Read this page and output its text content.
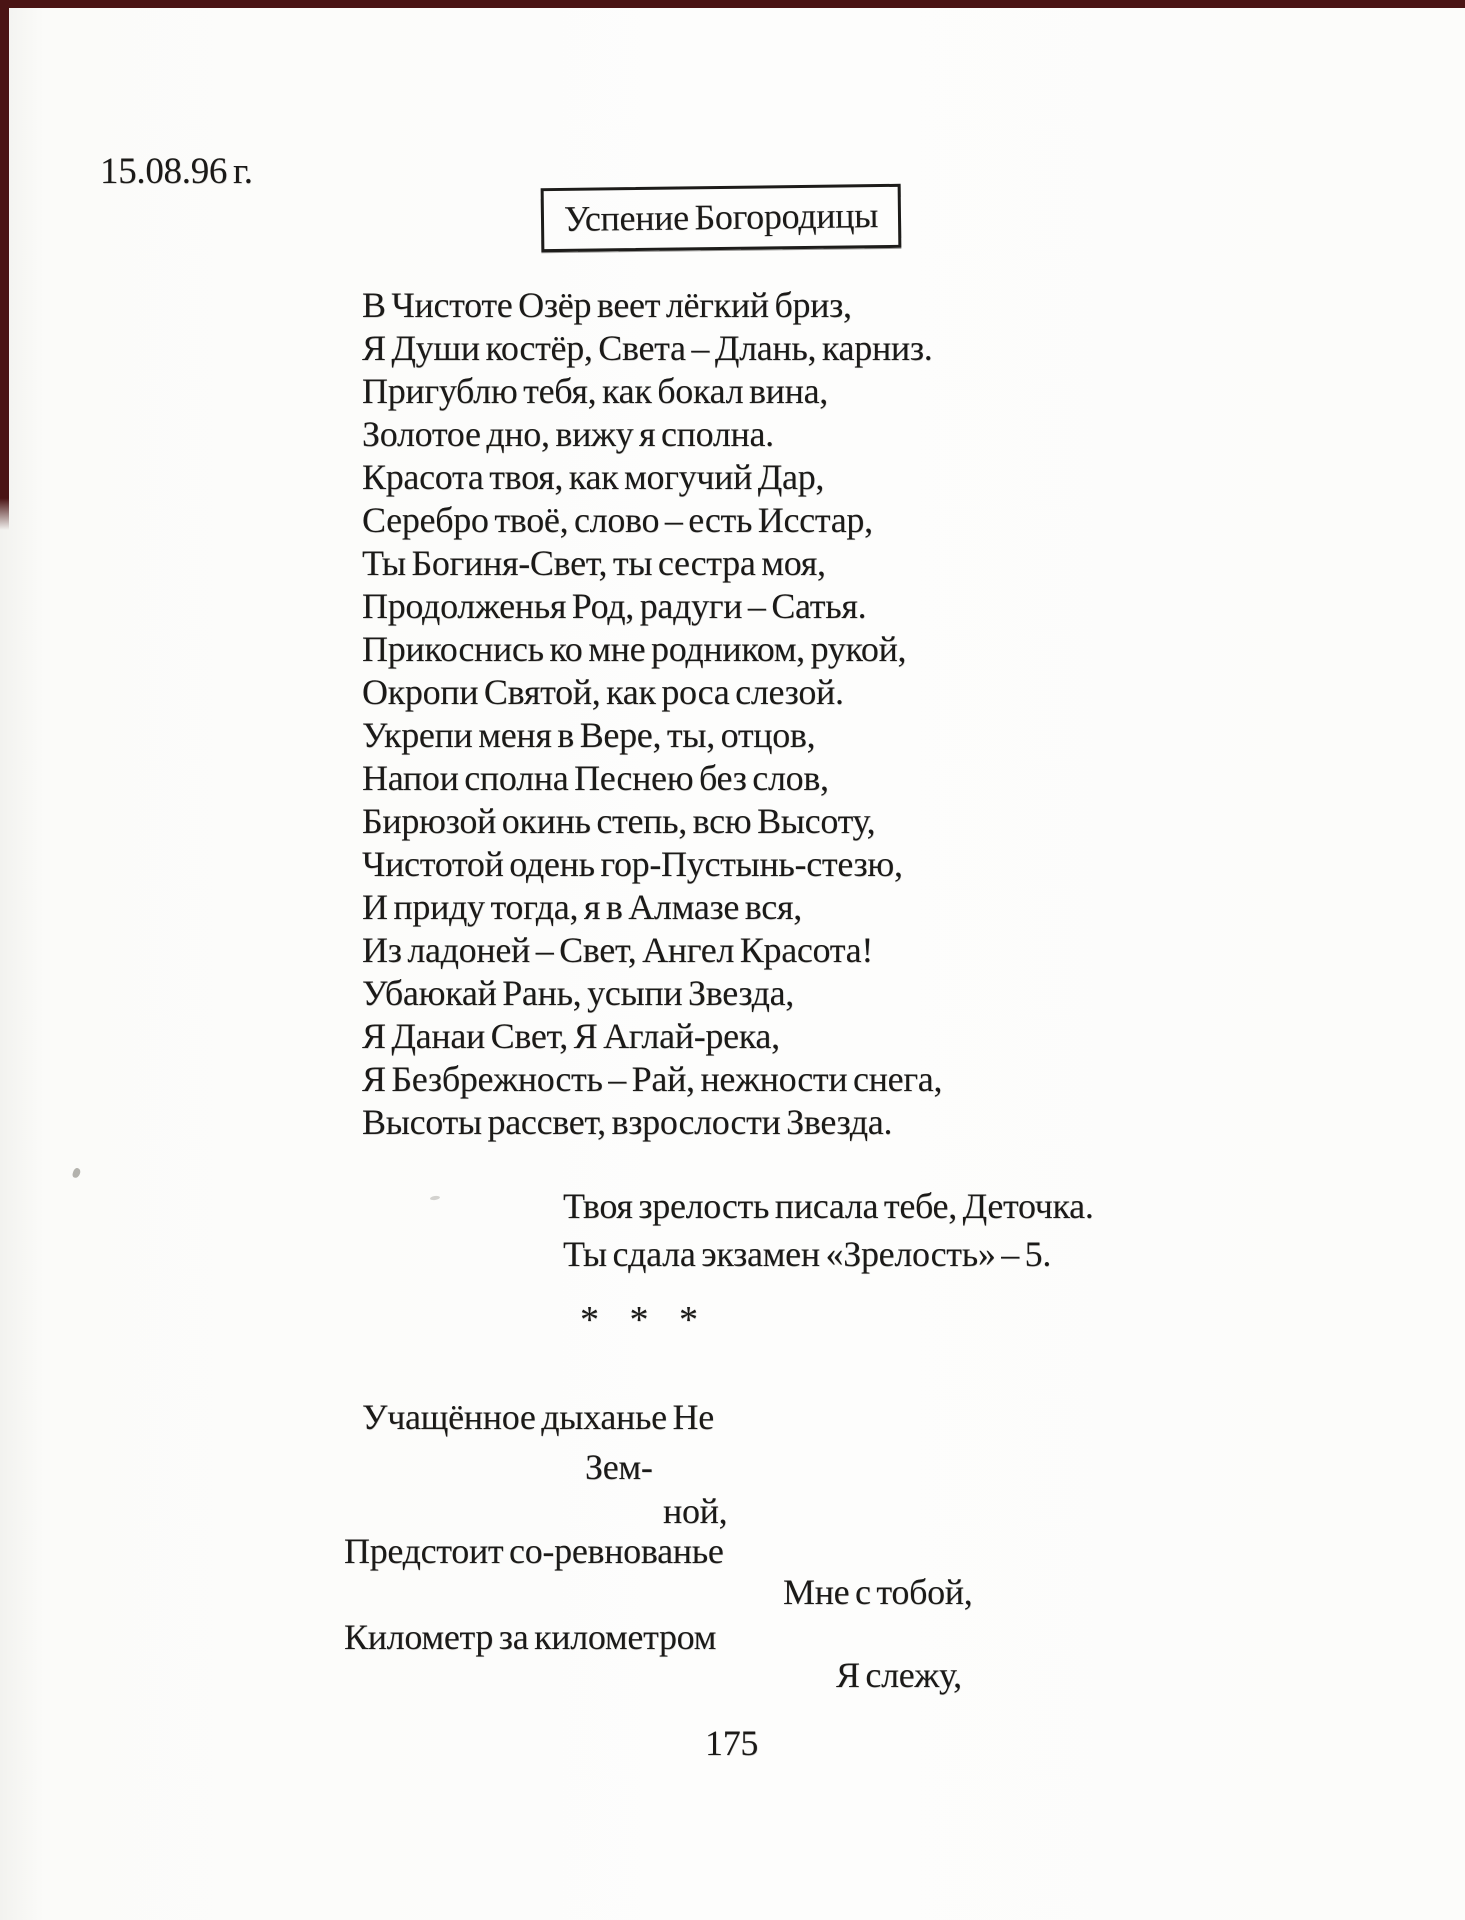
15.08.96 г.
Успение Богородицы
В Чистоте Озёр веет лёгкий бриз,
Я Души костёр, Света – Длань, карниз.
Пригублю тебя, как бокал вина,
Золотое дно, вижу я сполна.
Красота твоя, как могучий Дар,
Серебро твоё, слово – есть Исстар,
Ты Богиня-Свет, ты сестра моя,
Продолженья Род, радуги – Сатья.
Прикоснись ко мне родником, рукой,
Окропи Святой, как роса слезой.
Укрепи меня в Вере, ты, отцов,
Напои сполна Песнею без слов,
Бирюзой окинь степь, всю Высоту,
Чистотой одень гор-Пустынь-стезю,
И приду тогда, я в Алмазе вся,
Из ладоней – Свет, Ангел Красота!
Убаюкай Рань, усыпи Звезда,
Я Данаи Свет, Я Аглай-река,
Я Безбрежность – Рай, нежности снега,
Высоты рассвет, взрослости Звезда.
Твоя зрелость писала тебе, Деточка.
Ты сдала экзамен «Зрелость» – 5.
* * *
Учащённое дыханье Не
Зем-
ной,
Предстоит со-ревнованье
Мне с тобой,
Километр за километром
Я слежу,
175
